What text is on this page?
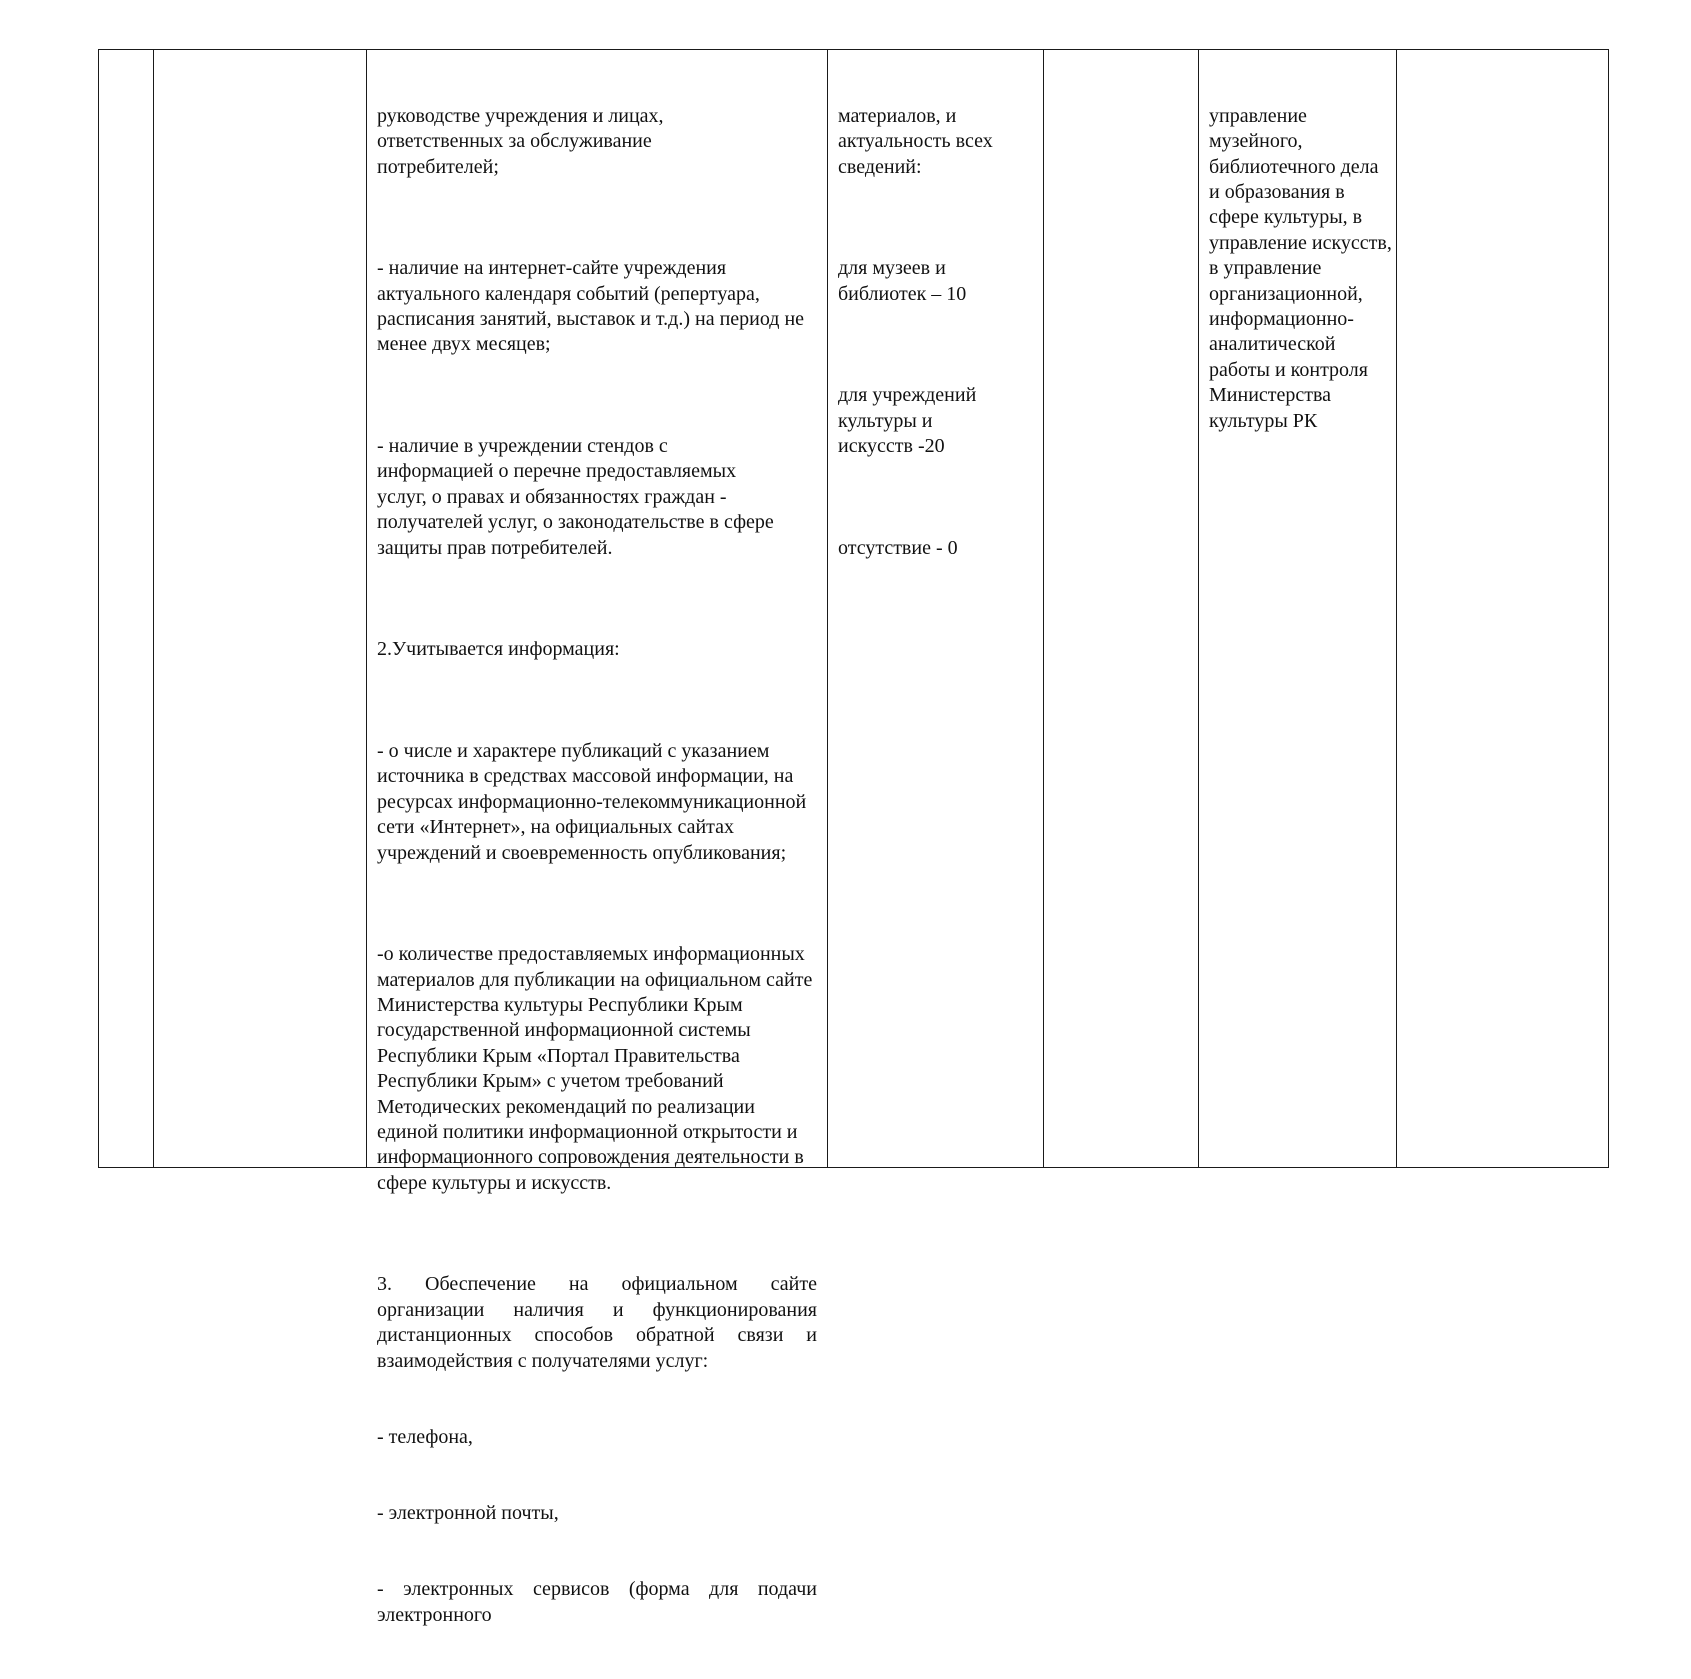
руководстве учреждения и лицах, ответственных за обслуживание потребителей;

- наличие на интернет-сайте учреждения актуального календаря событий (репертуара, расписания занятий, выставок и т.д.) на период не менее двух месяцев;

- наличие в учреждении стендов с информацией о перечне предоставляемых услуг, о правах и обязанностях граждан - получателей услуг, о законодательстве в сфере защиты прав потребителей.

2.Учитывается информация:

- о числе и характере публикаций с указанием источника в средствах массовой информации, на ресурсах информационно-телекоммуникационной сети «Интернет», на официальных сайтах учреждений и своевременность опубликования;

-о количестве предоставляемых информационных материалов для публикации на официальном сайте Министерства культуры Республики Крым государственной информационной системы Республики Крым «Портал Правительства Республики Крым» с учетом требований Методических рекомендаций по реализации единой политики информационной открытости и информационного сопровождения деятельности в сфере культуры и искусств.

3. Обеспечение на официальном сайте организации наличия и функционирования дистанционных способов обратной связи и взаимодействия с получателями услуг:

- телефона,

- электронной почты,

- электронных сервисов (форма для подачи электронного

материалов, и актуальность всех сведений:

для музеев и библиотек – 10

для учреждений культуры и искусств -20

отсутствие - 0

управление музейного, библиотечного дела и образования в сфере культуры, в управление искусств, в управление организационной, информационно-аналитической работы и контроля Министерства культуры РК
